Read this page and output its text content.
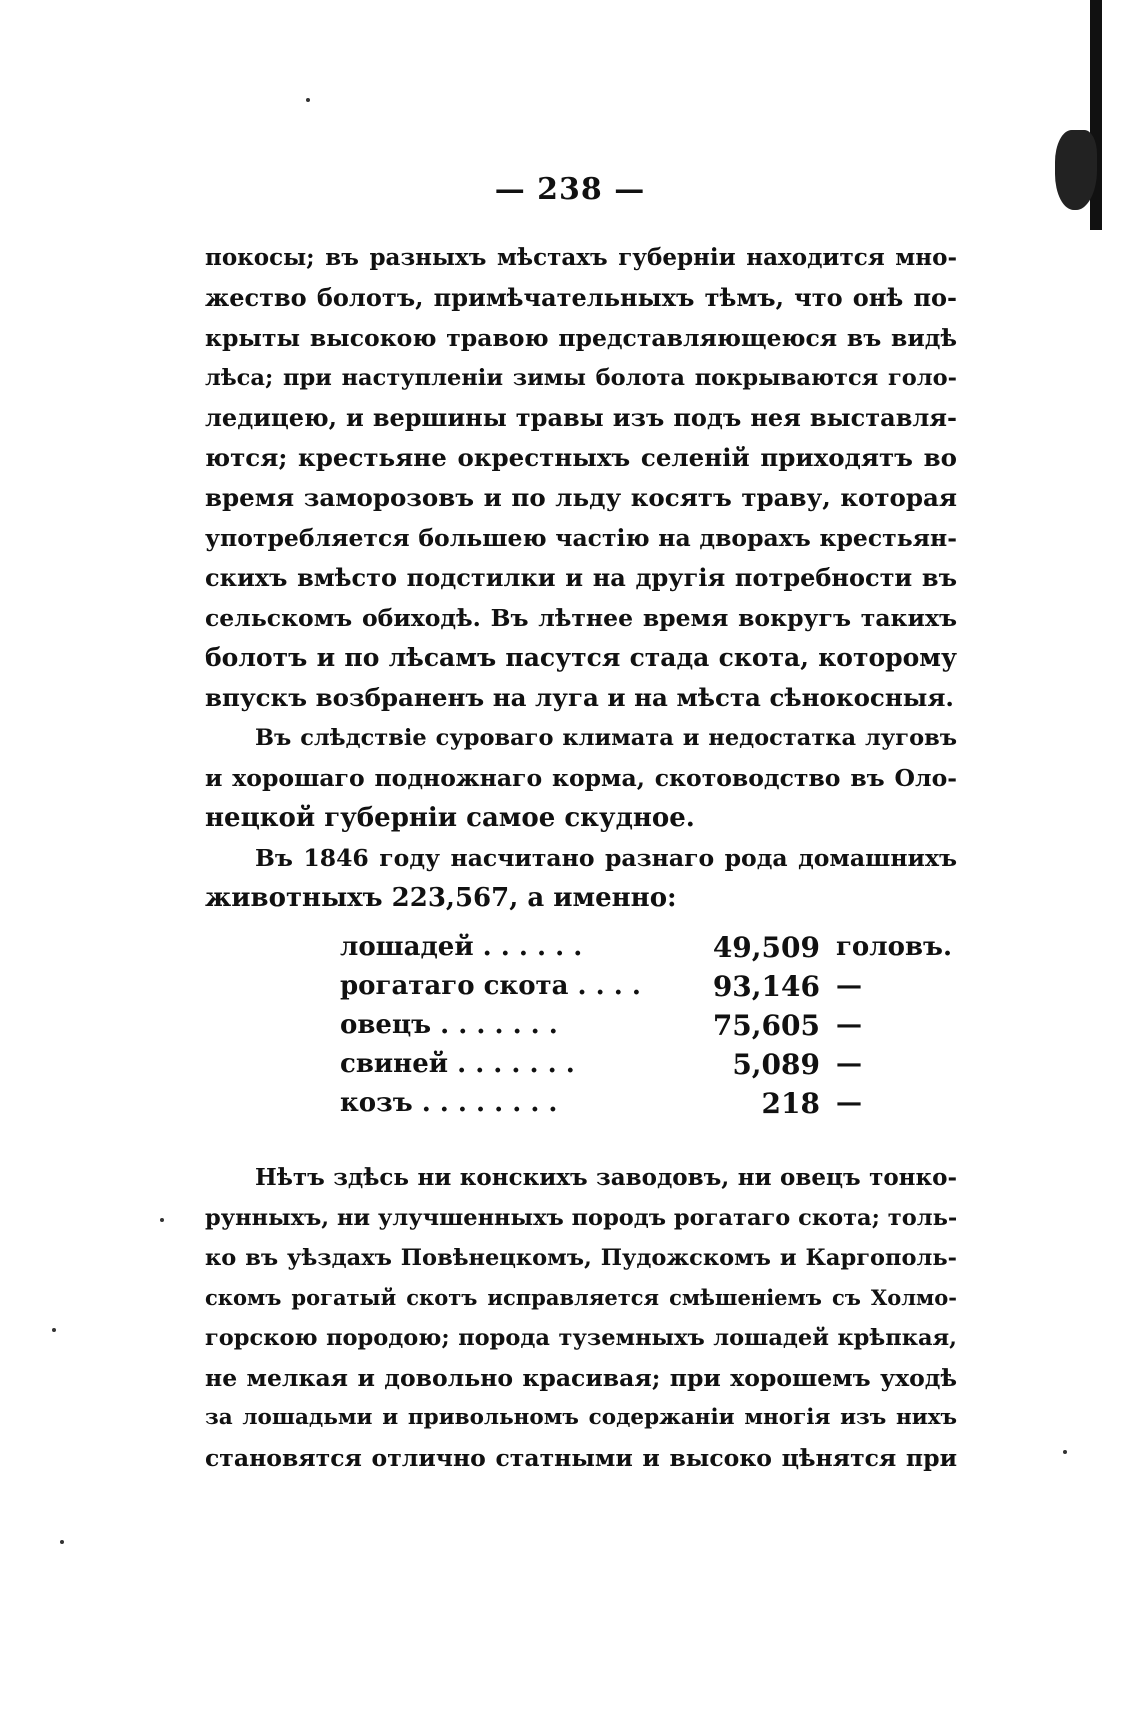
— 238 —
покосы; въ разныхъ мѣстахъ губерніи находится мно-
жество болотъ, примѣчательныхъ тѣмъ, что онѣ по-
крыты высокою травою представляющеюся въ видѣ
лѣса; при наступленіи зимы болота покрываются голо-
ледицею, и вершины травы изъ подъ нея выставля-
ются; крестьяне окрестныхъ селеній приходятъ во
время заморозовъ и по льду косятъ траву, которая
употребляется большею частію на дворахъ крестьян-
скихъ вмѣсто подстилки и на другія потребности въ
сельскомъ обиходѣ. Въ лѣтнее время вокругъ такихъ
болотъ и по лѣсамъ пасутся стада скота, которому
впускъ возбраненъ на луга и на мѣста сѣнокосныя.
Въ слѣдствіе суроваго климата и недостатка луговъ
и хорошаго подножнаго корма, скотоводство въ Оло-
нецкой губерніи самое скудное.
Въ 1846 году насчитано разнаго рода домашнихъ
животныхъ 223,567, а именно:
лошадей . . . . . .	49,509 головъ.
рогатаго скота . . . .	93,146 —
овецъ . . . . . . .	75,605 —
свиней . . . . . . .	5,089 —
козъ . . . . . . . .	218 —
Нѣтъ здѣсь ни конскихъ заводовъ, ни овецъ тонко-
рунныхъ, ни улучшенныхъ породъ рогатаго скота; толь-
ко въ уѣздахъ Повѣнецкомъ, Пудожскомъ и Каргополь-
скомъ рогатый скотъ исправляется смѣшеніемъ съ Холмо-
горскою породою; порода туземныхъ лошадей крѣпкая,
не мелкая и довольно красивая; при хорошемъ уходѣ
за лошадьми и привольномъ содержаніи многія изъ нихъ
становятся отлично статными и высоко цѣнятся при
